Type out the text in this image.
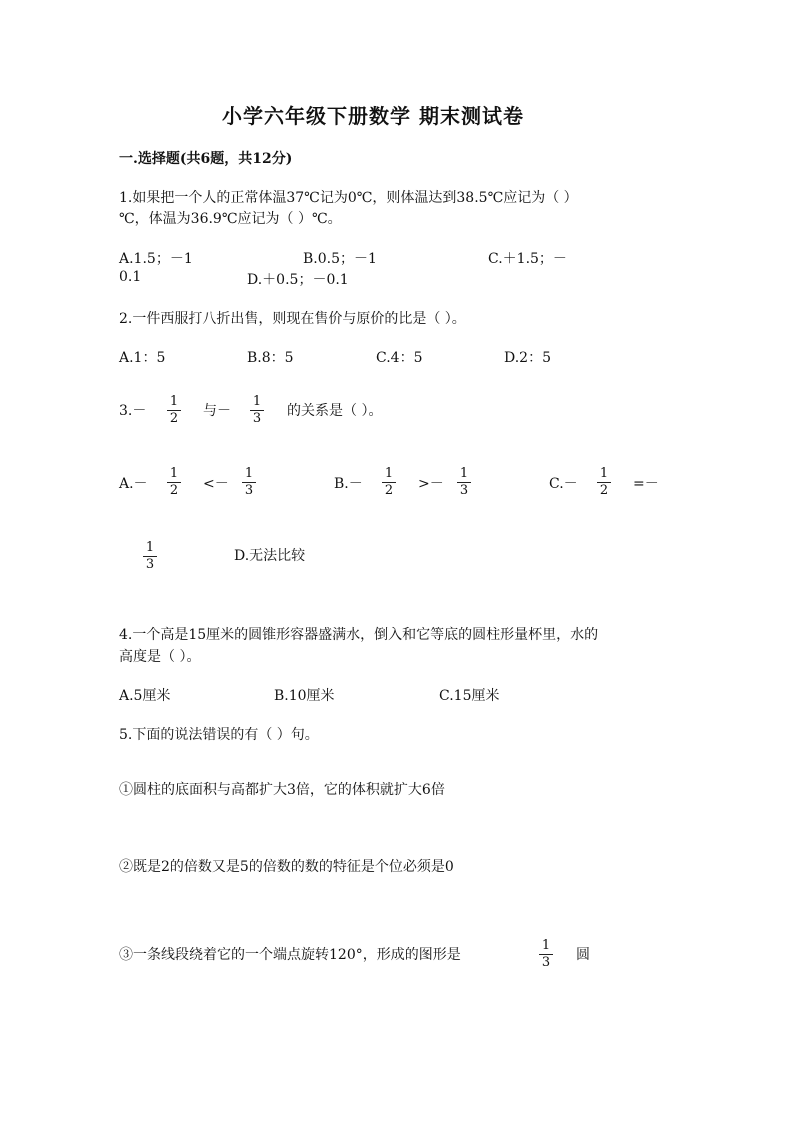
小学六年级下册数学 期末测试卷
一.选择题(共6题，共12分)
1.如果把一个人的正常体温37℃记为0℃，则体温达到38.5℃应记为（ ）
℃，体温为36.9℃应记为（ ）℃。
A.1.5；－1	B.0.5；－1	C.＋1.5；－
0.1	D.＋0.5；－0.1
2.一件西服打八折出售，则现在售价与原价的比是（ ）。
A.1：5	B.8：5	C.4：5	D.2：5
3.－
1
2 与－
1
3 的关系是（ ）。
A.－
1
2 <－
1
3	B.－
1
2 >－
1
3	C.－
1
2 =－
1
3
D.无法比较
4.一个高是15厘米的圆锥形容器盛满水，倒入和它等底的圆柱形量杯里，水的
高度是（ ）。
A.5厘米	B.10厘米	C.15厘米
5.下面的说法错误的有（ ）句。
①圆柱的底面积与高都扩大3倍，它的体积就扩大6倍
②既是2的倍数又是5的倍数的数的特征是个位必须是0
③一条线段绕着它的一个端点旋转120°，形成的图形是
1
3 圆
